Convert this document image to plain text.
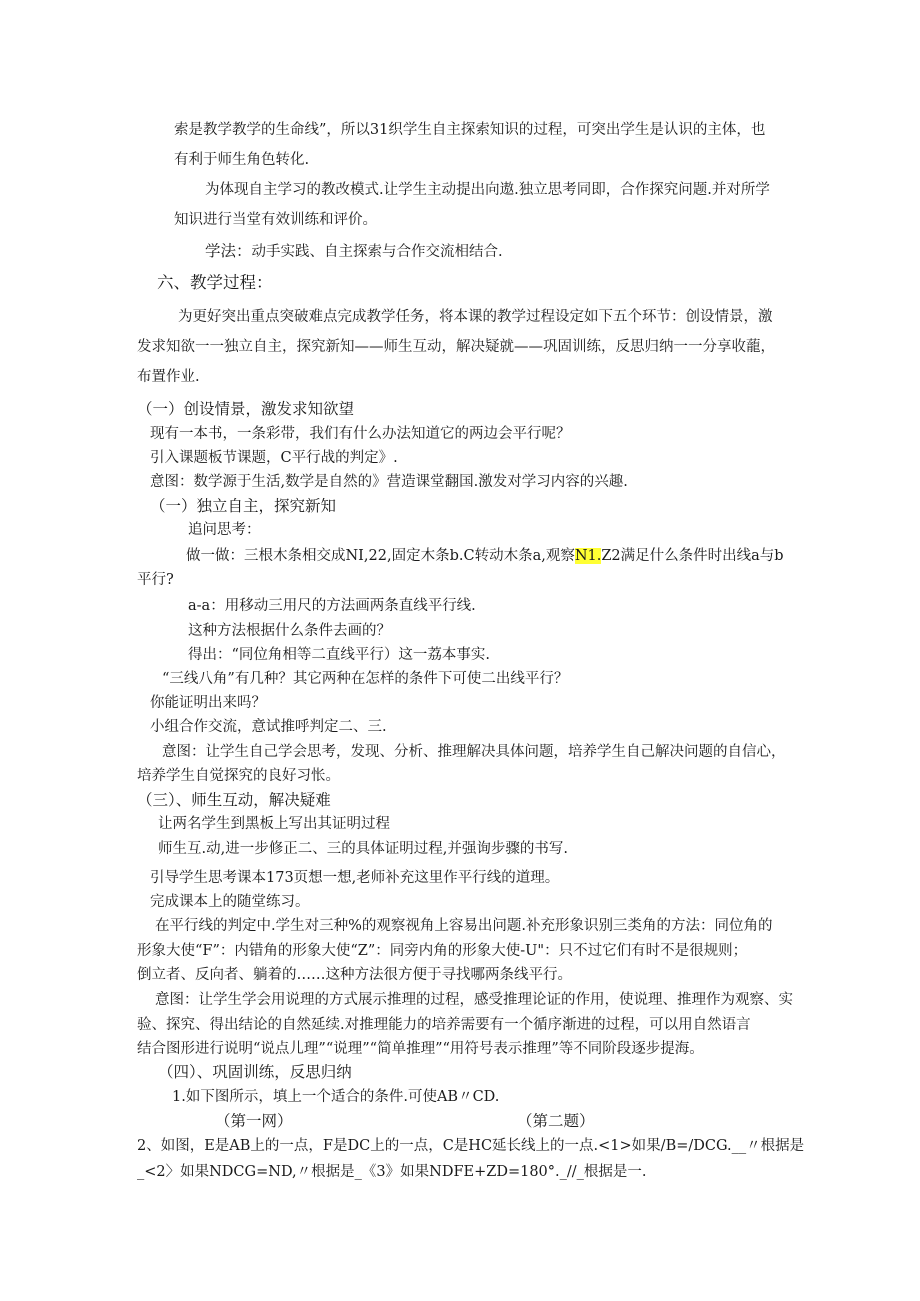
索是教学教学的生命线”，所以31织学生自主探索知识的过程，可突出学生是认识的主体，也
有利于师生角色转化.
为体现自主学习的教改模式.让学生主动提出向遨.独立思考同即，合作探究问题.并对所学
知识进行当堂有效训练和评价。
学法：动手实践、自主探索与合作交流相结合.
六、教学过程：
为更好突出重点突破难点完成教学任务，将本课的教学过程设定如下五个环节：创设情景，激
发求知欲一一独立自主，探究新知——师生互动，解决疑就——巩固训练，反思归纳一一分享收蘢，
布置作业.
（一）创设情景，激发求知欲望
现有一本书，一条彩带，我们有什么办法知道它的两边会平行呢？
引入课题板节课题，C平行战的判定》.
意图：数学源于生活,数学是自然的》营造课堂翻国.激发对学习内容的兴趣.
（一）独立自主，探究新知
追问思考：
做一做：三根木条相交成NI,22,固定木条b.C转动木条a,观察N1.Z2满足什么条件时出线a与b
平行?
a-a：用移动三用尺的方法画两条直线平行线.
这种方法根据什么条件去画的？
得出：“同位角相等二直线平行）这一荔本事实.
“三线八角”有几种？其它两种在怎样的条件下可使二出线平行？
你能证明出来吗？
小组合作交流，意试推呼判定二、三.
意图：让学生自己学会思考，发现、分析、推理解决具体问题，培养学生自己解决问题的自信心，
培养学生自觉探究的良好习怅。
（三）、师生互动，解决疑难
让两名学生到黑板上写出其证明过程
师生互.动,进一步修正二、三的具体证明过程,并强询步骤的书写.
引导学生思考课本173页想一想,老师补充这里作平行线的道理。
完成课本上的随堂练习。
在平行线的判定中.学生对三种%的观察视角上容易出问题.补充形象识别三类角的方法：同位角的
形象大使“F”：内错角的形象大使“Z”：同旁内角的形象大使-U"：只不过它们有时不是很规则；
倒立者、反向者、躺着的……这种方法很方便于寻找哪两条线平行。
意图：让学生学会用说理的方式展示推理的过程，感受推理论证的作用，使说理、推理作为观察、实
验、探究、得出结论的自然延续.对推理能力的培养需要有一个循序渐进的过程，可以用自然语言
结合图形进行说明“说点儿理”“说理”“简单推理”“用符号表示推理”等不同阶段逐步提海。
（四）、巩固训练，反思归纳
1.如下图所示，填上一个适合的条件.可使AB〃CD.
（第一网）	（第二题）
2、如图，E是AB上的一点，F是DC上的一点，C是HC延长线上的一点.<1>如果/B=/DCG.__〃根据是
_<2〉如果NDCG=ND,〃根据是_《3》如果NDFE+ZD=180°._//_根据是一.
